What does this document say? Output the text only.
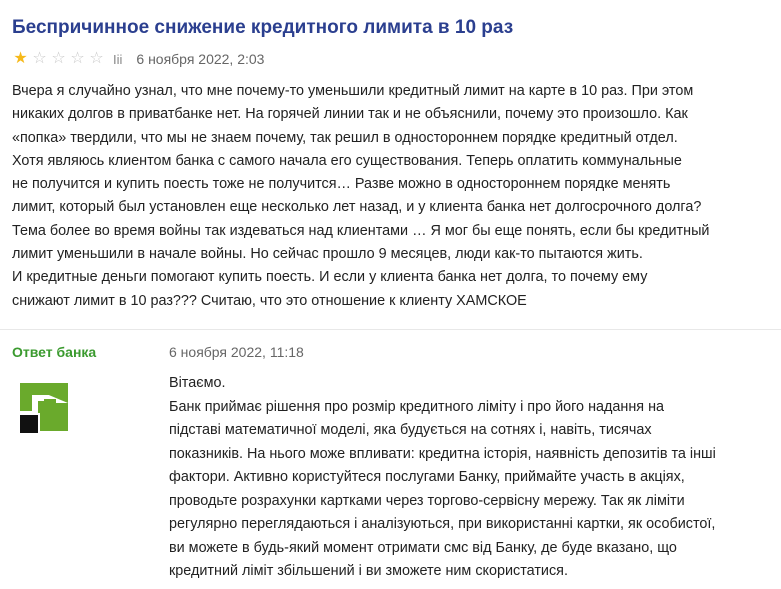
Беспричинное снижение кредитного лимита в 10 раз
★ ☆ ☆ ☆ ☆ Iii 6 ноября 2022, 2:03

Вчера я случайно узнал, что мне почему-то уменьшили кредитный лимит на карте в 10 раз. При этом

никаких долгов в приватбанке нет. На горячей линии так и не объяснили, почему это произошло. Как

«попка» твердили, что мы не знаем почему, так решил в одностороннем порядке кредитный отдел.

Хотя являюсь клиентом банка с самого начала его существования. Теперь оплатить коммунальные

не получится и купить поесть тоже не получится… Разве можно в одностороннем порядке менять

лимит, который был установлен еще несколько лет назад, и у клиента банка нет долгосрочного долга?

Тема более во время войны так издеваться над клиентами … Я мог бы еще понять, если бы кредитный

лимит уменьшили в начале войны. Но сейчас прошло 9 месяцев, люди как-то пытаются жить.

И кредитные деньги помогают купить поесть. И если у клиента банка нет долга, то почему ему

снижают лимит в 10 раз??? Считаю, что это отношение к клиенту ХАМСКОЕ

Ответ банка	6 ноября 2022, 11:18

Вітаємо.

Банк приймає рішення про розмір кредитного ліміту і про його надання на

підставі математичної моделі, яка будується на сотнях і, навіть, тисячах

показників. На нього може впливати: кредитна історія, наявність депозитів та інші

фактори. Активно користуйтеся послугами Банку, приймайте участь в акціях,

проводьте розрахунки картками через торгово-сервісну мережу. Так як ліміти

регулярно переглядаються і аналізуються, при використанні картки, як особистої,

ви можете в будь-який момент отримати смс від Банку, де буде вказано, що

кредитний ліміт збільшений і ви зможете ним скористатися.
